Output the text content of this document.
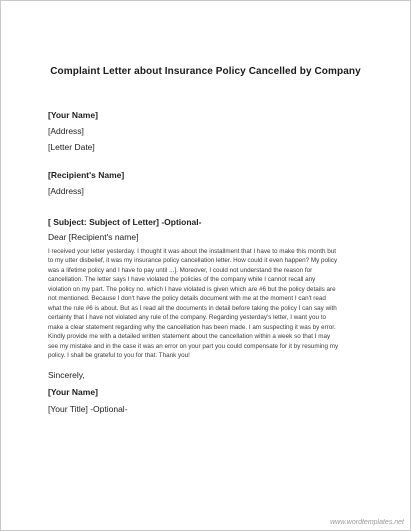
Complaint Letter about Insurance Policy Cancelled by Company
[Your Name]
[Address]
[Letter Date]
[Recipient's Name]
[Address]
[ Subject: Subject of Letter] -Optional-
Dear [Recipient's name]
I received your letter yesterday. I thought it was about the installment that I have to make this month but
to my utter disbelief, it was my insurance policy cancellation letter. How could it even happen? My policy
was a lifetime policy and I have to pay until ...]. Moreover, I could not understand the reason for
cancellation. The letter says I have violated the policies of the company while I cannot recall any
violation on my part. The policy no. which I have violated is given which are #6 but the policy details are
not mentioned. Because I don't have the policy details document with me at the moment I can't read
what the rule #6 is about. But as I read all the documents in detail before taking the policy I can say with
certainty that I have not violated any rule of the company. Regarding yesterday's letter, I want you to
make a clear statement regarding why the cancellation has been made. I am suspecting it was by error.
Kindly provide me with a detailed written statement about the cancellation within a week so that I may
see my mistake and in the case it was an error on your part you could compensate for it by resuming my
policy. I shall be grateful to you for that. Thank you!
Sincerely,
[Your Name]
[Your Title] -Optional-
www.wordtemplates.net
